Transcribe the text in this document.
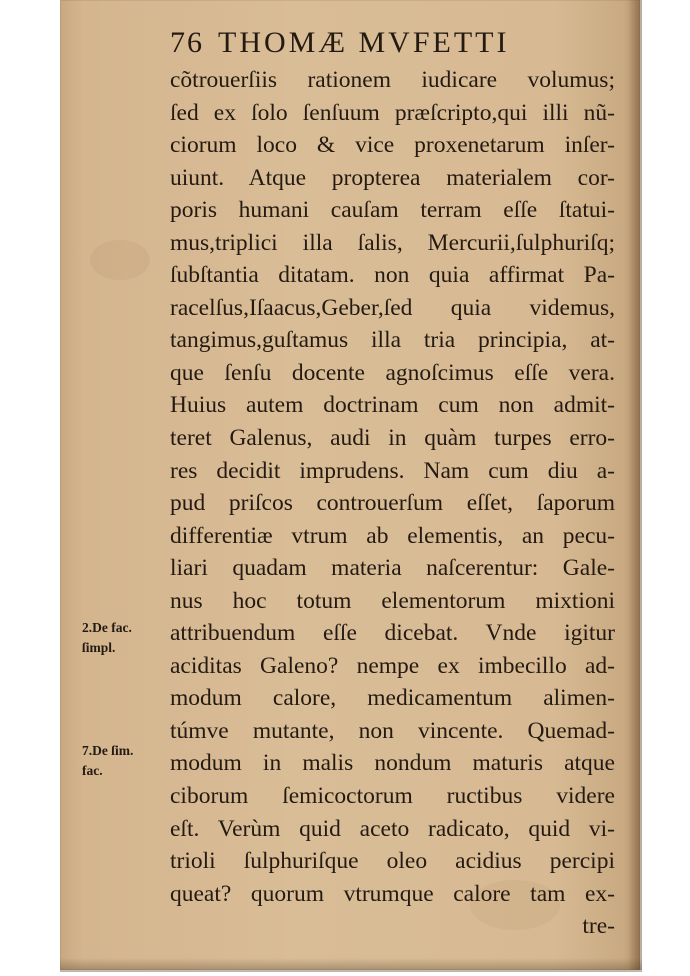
76 THOMÆ MVFETTI
cõtrouerſiis rationem iudicare volumus;
ſed ex ſolo ſenſuum præſcripto,qui illi nũ-
ciorum loco & vice proxenetarum inſer-
uiunt. Atque propterea materialem cor-
poris humani cauſam terram eſſe ſtatui-
mus,triplici illa ſalis, Mercurii,ſulphuriſq;
ſubſtantia ditatam. non quia affirmat Pa-
racelſus,Iſaacus,Geber,ſed quia videmus,
tangimus,guſtamus illa tria principia, at-
que ſenſu docente agnoſcimus eſſe vera.
Huius autem doctrinam cum non admit-
teret Galenus, audi in quàm turpes erro-
res decidit imprudens. Nam cum diu a-
pud priſcos controuerſum eſſet, ſaporum
differentiæ vtrum ab elementis, an pecu-
liari quadam materia naſcerentur: Gale-
nus hoc totum elementorum mixtioni
attribuendum eſſe dicebat. Vnde igitur
aciditas Galeno? nempe ex imbecillo ad-
modum calore, medicamentum alimen-
túmve mutante, non vincente. Quemad-
modum in malis nondum maturis atque
ciborum ſemicoctorum ructibus videre
eſt. Verùm quid aceto radicato, quid vi-
trioli ſulphuriſque oleo acidius percipi
queat? quorum vtrumque calore tam ex-
tre-
2.De fac.
ſimpl.
7.De ſim.
fac.
